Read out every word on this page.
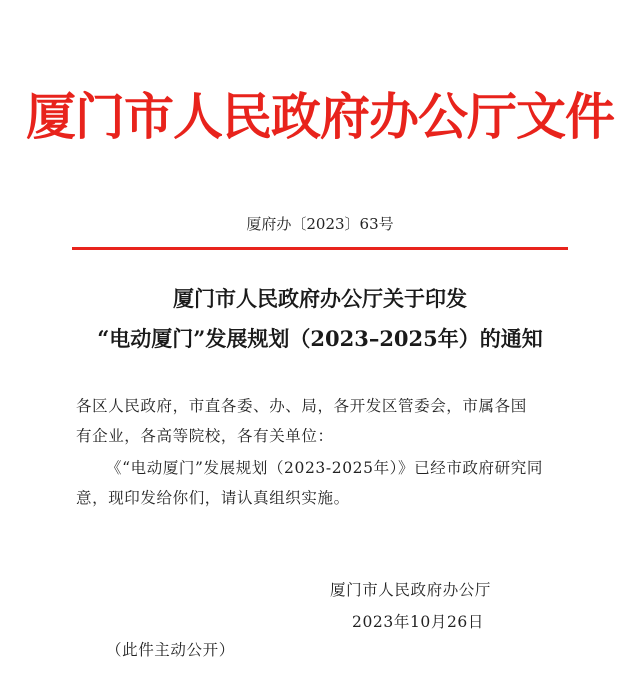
厦门市人民政府办公厅文件
厦府办〔2023〕63号
厦门市人民政府办公厅关于印发
“电动厦门”发展规划（2023–2025年）的通知
各区人民政府，市直各委、办、局，各开发区管委会，市属各国
有企业，各高等院校，各有关单位：
《“电动厦门”发展规划（2023-2025年）》已经市政府研究同
意，现印发给你们，请认真组织实施。
厦门市人民政府办公厅
2023年10月26日
（此件主动公开）
